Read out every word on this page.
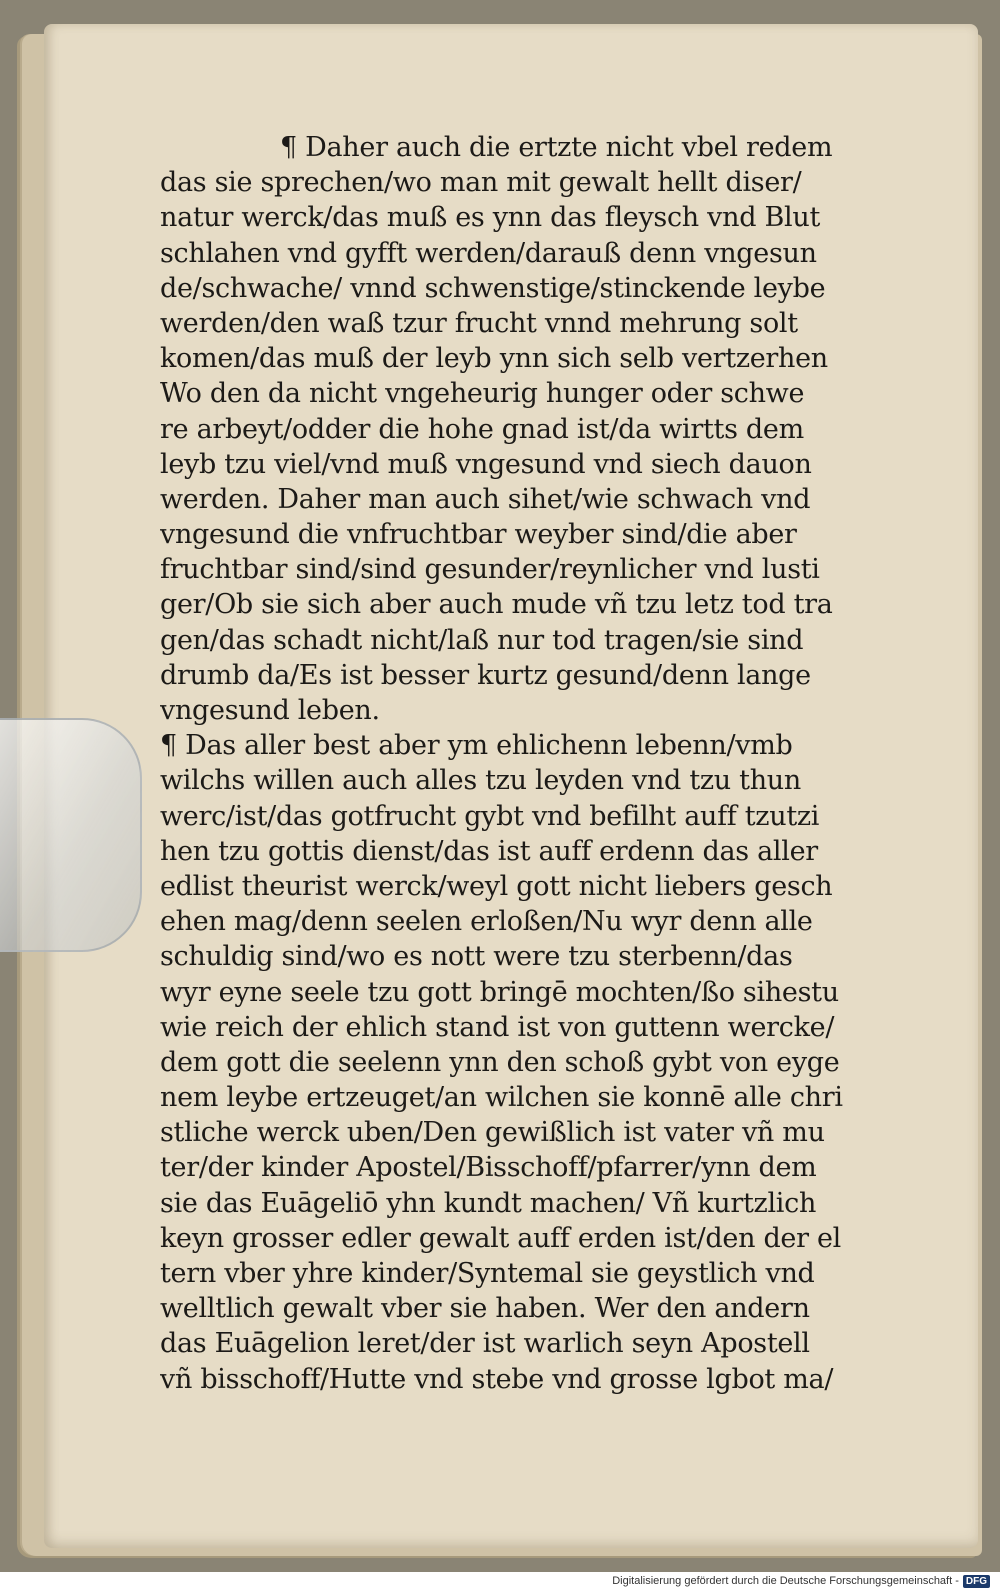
¶ Daher auch die ertzte nicht vbel redem
das sie sprechen/wo man mit gewalt hellt diser/
natur werck/das muß es ynn das fleysch vnd Blut
schlahen vnd gyfft werden/darauß denn vngesun
de/schwache/ vnnd schwenstige/stinckende leybe
werden/den waß tzur frucht vnnd mehrung solt
komen/das muß der leyb ynn sich selb vertzerhen
Wo den da nicht vngeheurig hunger oder schwe
re arbeyt/odder die hohe gnad ist/da wirtts dem
leyb tzu viel/vnd muß vngesund vnd siech dauon
werden. Daher man auch sihet/wie schwach vnd
vngesund die vnfruchtbar weyber sind/die aber
fruchtbar sind/sind gesunder/reynlicher vnd lusti
ger/Ob sie sich aber auch mude vñ tzu letz tod tra
gen/das schadt nicht/laß nur tod tragen/sie sind
drumb da/Es ist besser kurtz gesund/denn lange
vngesund leben.
¶ Das aller best aber ym ehlichenn lebenn/vmb
wilchs willen auch alles tzu leyden vnd tzu thun
werc/ist/das gotfrucht gybt vnd befilht auff tzutzi
hen tzu gottis dienst/das ist auff erdenn das aller
edlist theurist werck/weyl gott nicht liebers gesch
ehen mag/denn seelen erloßen/Nu wyr denn alle
schuldig sind/wo es nott were tzu sterbenn/das
wyr eyne seele tzu gott bringē mochten/ßo sihestu
wie reich der ehlich stand ist von guttenn wercke/
dem gott die seelenn ynn den schoß gybt von eyge
nem leybe ertzeuget/an wilchen sie konnē alle chri
stliche werck uben/Den gewißlich ist vater vñ mu
ter/der kinder Apostel/Bisschoff/pfarrer/ynn dem
sie das Euāgeliō yhn kundt machen/ Vñ kurtzlich
keyn grosser edler gewalt auff erden ist/den der el
tern vber yhre kinder/Syntemal sie geystlich vnd
welltlich gewalt vber sie haben. Wer den andern
das Euāgelion leret/der ist warlich seyn Apostell
vñ bisschoff/Hutte vnd stebe vnd grosse lgbot ma/
Digitalisierung gefördert durch die Deutsche Forschungsgemeinschaft - DFG
